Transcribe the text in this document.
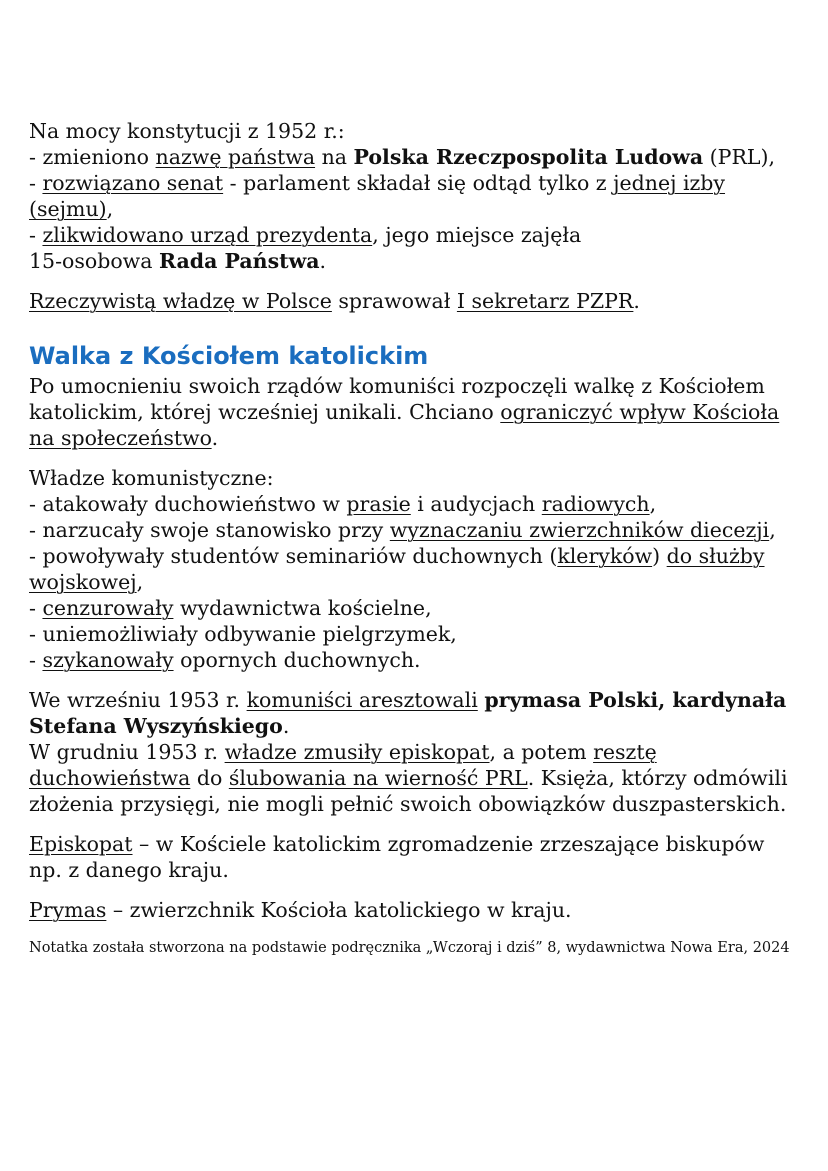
Na mocy konstytucji z 1952 r.:
- zmieniono nazwę państwa na Polska Rzeczpospolita Ludowa (PRL),
- rozwiązano senat - parlament składał się odtąd tylko z jednej izby (sejmu),
- zlikwidowano urząd prezydenta, jego miejsce zajęła
15-osobowa Rada Państwa.
Rzeczywistą władzę w Polsce sprawował I sekretarz PZPR.
Walka z Kościołem katolickim
Po umocnieniu swoich rządów komuniści rozpoczęli walkę z Kościołem katolickim, której wcześniej unikali. Chciano ograniczyć wpływ Kościoła na społeczeństwo.
Władze komunistyczne:
- atakowały duchowieństwo w prasie i audycjach radiowych,
- narzucały swoje stanowisko przy wyznaczaniu zwierzchników diecezji,
- powoływały studentów seminariów duchownych (kleryków) do służby wojskowej,
- cenzurowały wydawnictwa kościelne,
- uniemożliwiały odbywanie pielgrzymek,
- szykanowały opornych duchownych.
We wrześniu 1953 r. komuniści aresztowali prymasa Polski, kardynała Stefana Wyszyńskiego.
W grudniu 1953 r. władze zmusiły episkopat, a potem resztę duchowieństwa do ślubowania na wierność PRL. Księża, którzy odmówili złożenia przysięgi, nie mogli pełnić swoich obowiązków duszpasterskich.
Episkopat – w Kościele katolickim zgromadzenie zrzeszające biskupów np. z danego kraju.
Prymas – zwierzchnik Kościoła katolickiego w kraju.
Notatka została stworzona na podstawie podręcznika „Wczoraj i dziś” 8, wydawnictwa Nowa Era, 2024
